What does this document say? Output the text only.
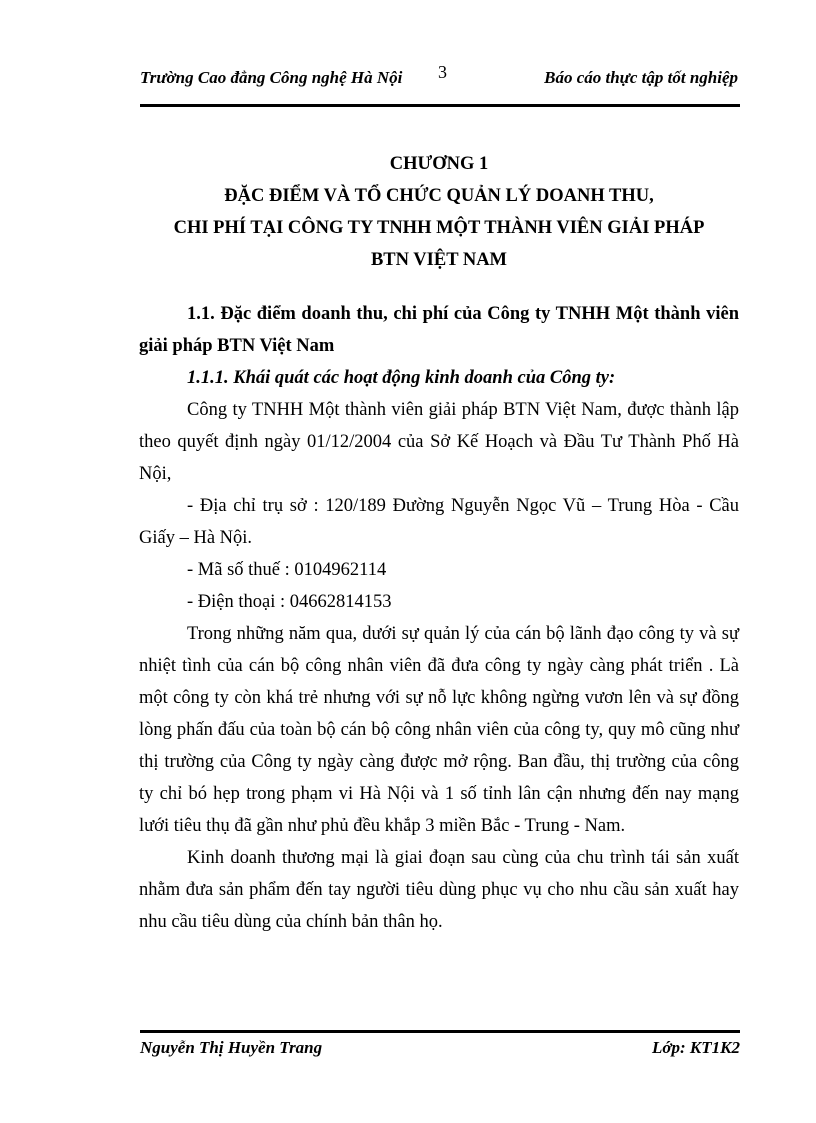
Trường Cao đẳng Công nghệ Hà Nội 3	Báo cáo thực tập tốt nghiệp
CHƯƠNG 1
ĐẶC ĐIỂM VÀ TỔ CHỨC QUẢN LÝ DOANH THU,
CHI PHÍ TẠI CÔNG TY TNHH MỘT THÀNH VIÊN GIẢI PHÁP
BTN VIỆT NAM
1.1. Đặc điểm doanh thu, chi phí của Công ty TNHH Một thành viên giải pháp BTN Việt Nam
1.1.1. Khái quát các hoạt động kinh doanh của Công ty:
Công ty TNHH Một thành viên giải pháp BTN Việt Nam, được thành lập theo quyết định ngày 01/12/2004 của Sở Kế Hoạch và Đầu Tư Thành Phố Hà Nội,
- Địa chỉ trụ sở : 120/189 Đường Nguyễn Ngọc Vũ – Trung Hòa - Cầu Giấy – Hà Nội.
- Mã số thuế : 0104962114
- Điện thoại : 04662814153
Trong những năm qua, dưới sự quản lý của cán bộ lãnh đạo công ty và sự nhiệt tình của cán bộ công nhân viên đã đưa công ty ngày càng phát triển . Là một công ty còn khá trẻ nhưng với sự nỗ lực không ngừng vươn lên và sự đồng lòng phấn đấu của toàn bộ cán bộ công nhân viên của công ty, quy mô cũng như thị trường của Công ty ngày càng được mở rộng. Ban đầu, thị trường của công ty chỉ bó hẹp trong phạm vi Hà Nội và 1 số tỉnh lân cận nhưng đến nay mạng lưới tiêu thụ đã gần như phủ đều khắp 3 miền Bắc - Trung - Nam.
Kinh doanh thương mại là giai đoạn sau cùng của chu trình tái sản xuất nhằm đưa sản phẩm đến tay người tiêu dùng phục vụ cho nhu cầu sản xuất hay nhu cầu tiêu dùng của chính bản thân họ.
Nguyễn Thị Huyền Trang	Lớp: KT1K2
